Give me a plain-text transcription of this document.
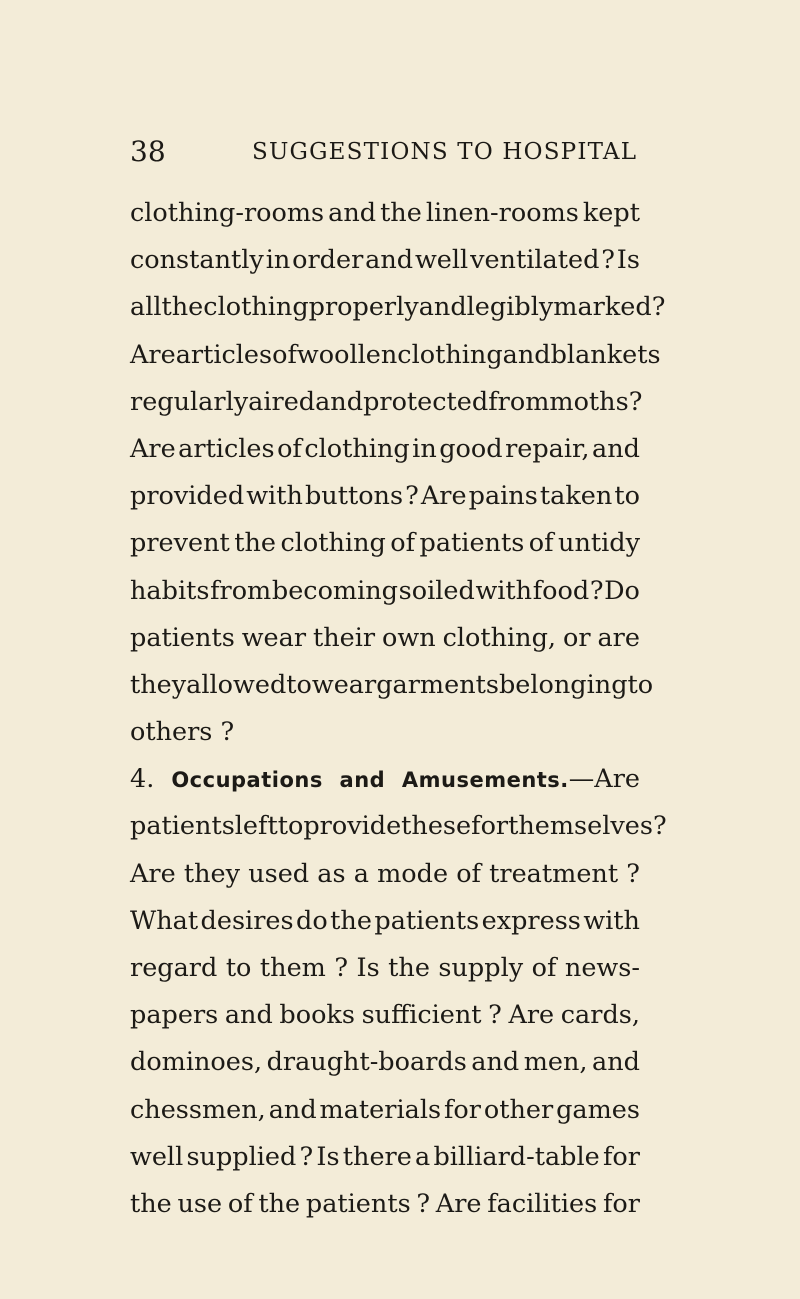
38	SUGGESTIONS TO HOSPITAL
clothing-rooms and the linen-rooms kept
constantly in order and well ventilated ? Is
all the clothing properly and legibly marked ?
Are articles of woollen clothing and blankets
regularly aired and protected from moths ?
Are articles of clothing in good repair, and
provided with buttons ? Are pains taken to
prevent the clothing of patients of untidy
habits from becoming soiled with food ? Do
patients wear their own clothing, or are
they allowed to wear garments belonging to
others ?
4. Occupations and Amusements.—Are
patients left to provide these for themselves ?
Are they used as a mode of treatment ?
What desires do the patients express with
regard to them ? Is the supply of news-
papers and books sufficient ? Are cards,
dominoes, draught-boards and men, and
chessmen, and materials for other games
well supplied ? Is there a billiard-table for
the use of the patients ? Are facilities for
